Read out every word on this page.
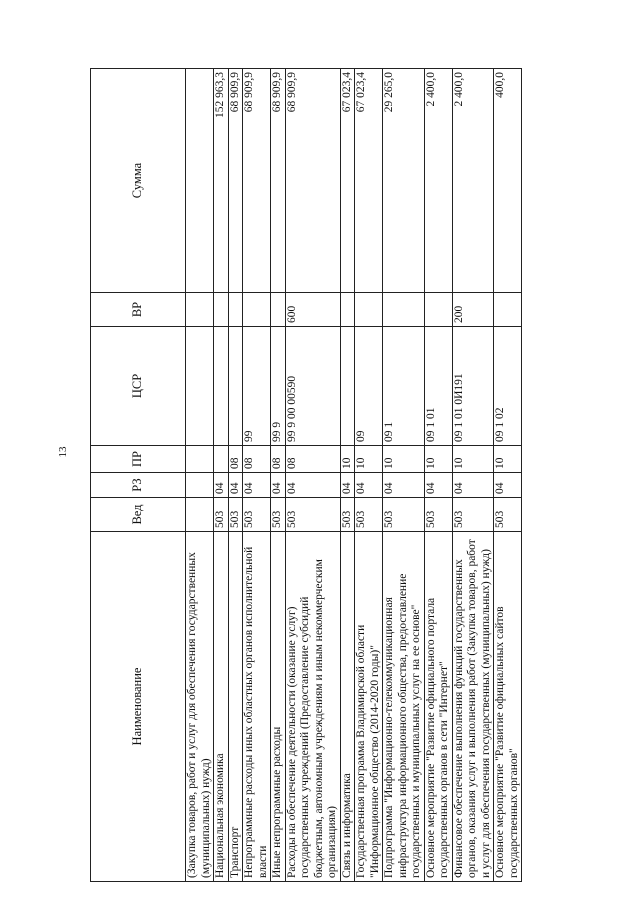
13
Наименование	Вед	РЗ	ПР	ЦСР	ВР	Сумма
(Закупка товаров, работ и услуг для обеспечения государственных (муниципальных) нужд)						
Национальная экономика	503	04				152 963,3
Транспорт	503	04	08			68 909,9
Непрограммные расходы иных областных органов исполнительной власти	503	04	08	99		68 909,9
Иные непрограммные расходы	503	04	08	99 9		68 909,9
Расходы на обеспечение деятельности (оказание услуг) государственных учреждений (Предоставление субсидий бюджетным, автономным учреждениям и иным некоммерческим организациям)	503	04	08	99 9 00 00590	600	68 909,9
Связь и информатика	503	04	10			67 023,4
Государственная программа Владимирской области "Информационное общество (2014-2020 годы)"	503	04	10	09		67 023,4
Подпрограмма "Информационно-телекоммуникационная инфраструктура информационного общества, предоставление государственных и муниципальных услуг на ее основе"	503	04	10	09 1		29 265,0
Основное мероприятие "Развитие официального портала государственных органов в сети "Интернет"	503	04	10	09 1 01		2 400,0
Финансовое обеспечение выполнения функций государственных органов, оказания услуг и выполнения работ (Закупка товаров, работ и услуг для обеспечения государственных (муниципальных) нужд)	503	04	10	09 1 01 0И191	200	2 400,0
Основное мероприятие "Развитие официальных сайтов государственных органов"	503	04	10	09 1 02		400,0
